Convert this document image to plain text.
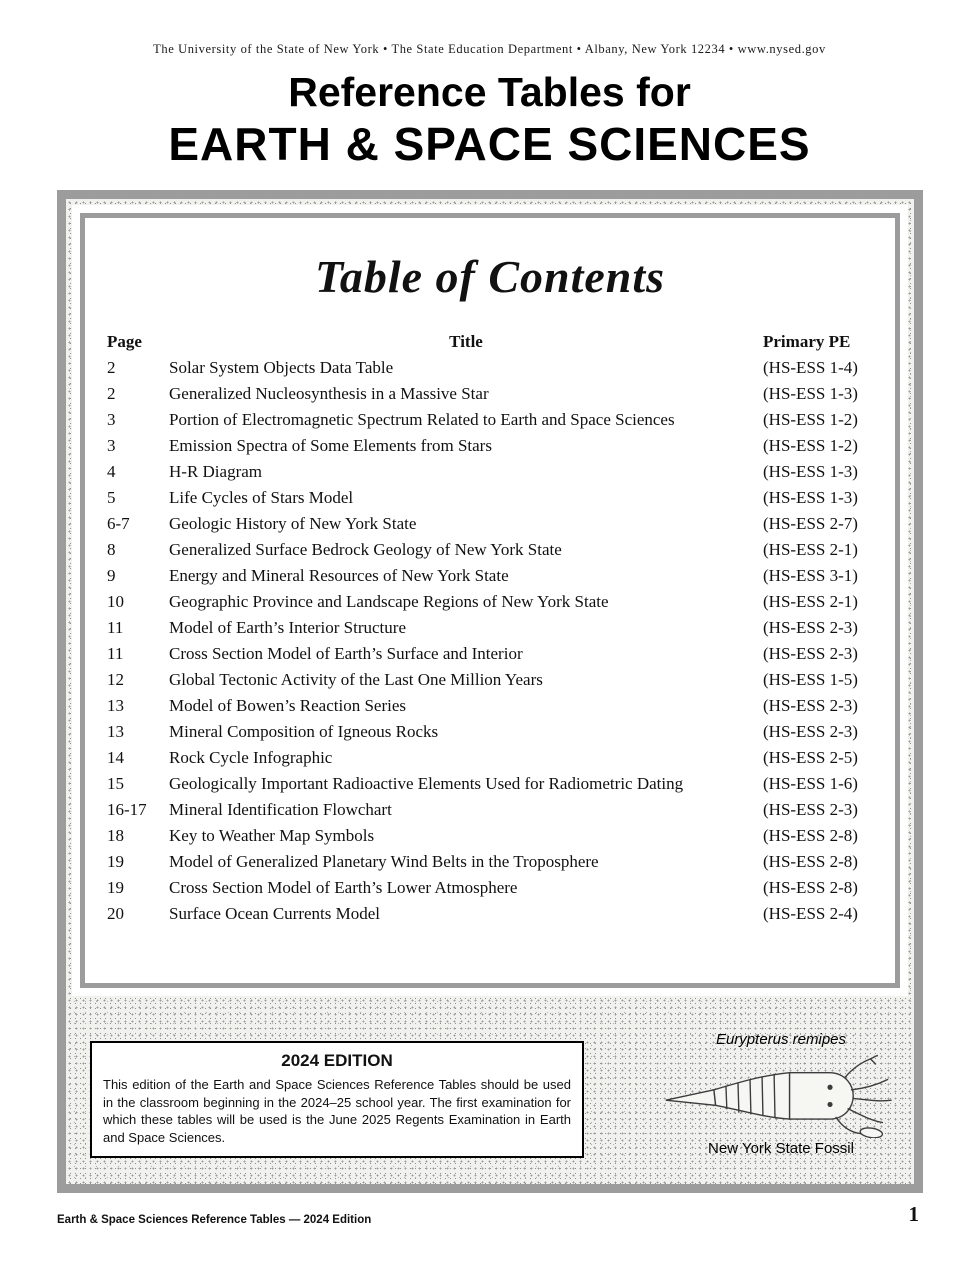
The University of the State of New York • The State Education Department • Albany, New York 12234 • www.nysed.gov
Reference Tables for
EARTH & SPACE SCIENCES
Table of Contents
Page	Title	Primary PE
2	Solar System Objects Data Table	(HS-ESS 1-4)
2	Generalized Nucleosynthesis in a Massive Star	(HS-ESS 1-3)
3	Portion of Electromagnetic Spectrum Related to Earth and Space Sciences	(HS-ESS 1-2)
3	Emission Spectra of Some Elements from Stars	(HS-ESS 1-2)
4	H-R Diagram	(HS-ESS 1-3)
5	Life Cycles of Stars Model	(HS-ESS 1-3)
6-7	Geologic History of New York State	(HS-ESS 2-7)
8	Generalized Surface Bedrock Geology of New York State	(HS-ESS 2-1)
9	Energy and Mineral Resources of New York State	(HS-ESS 3-1)
10	Geographic Province and Landscape Regions of New York State	(HS-ESS 2-1)
11	Model of Earth’s Interior Structure	(HS-ESS 2-3)
11	Cross Section Model of Earth’s Surface and Interior	(HS-ESS 2-3)
12	Global Tectonic Activity of the Last One Million Years	(HS-ESS 1-5)
13	Model of Bowen’s Reaction Series	(HS-ESS 2-3)
13	Mineral Composition of Igneous Rocks	(HS-ESS 2-3)
14	Rock Cycle Infographic	(HS-ESS 2-5)
15	Geologically Important Radioactive Elements Used for Radiometric Dating	(HS-ESS 1-6)
16-17	Mineral Identification Flowchart	(HS-ESS 2-3)
18	Key to Weather Map Symbols	(HS-ESS 2-8)
19	Model of Generalized Planetary Wind Belts in the Troposphere	(HS-ESS 2-8)
19	Cross Section Model of Earth’s Lower Atmosphere	(HS-ESS 2-8)
20	Surface Ocean Currents Model	(HS-ESS 2-4)
2024 EDITION
This edition of the Earth and Space Sciences Reference Tables should be used in the classroom beginning in the 2024–25 school year. The first examination for which these tables will be used is the June 2025 Regents Examination in Earth and Space Sciences.
Eurypterus remipes
New York State Fossil
Earth & Space Sciences Reference Tables — 2024 Edition	1
